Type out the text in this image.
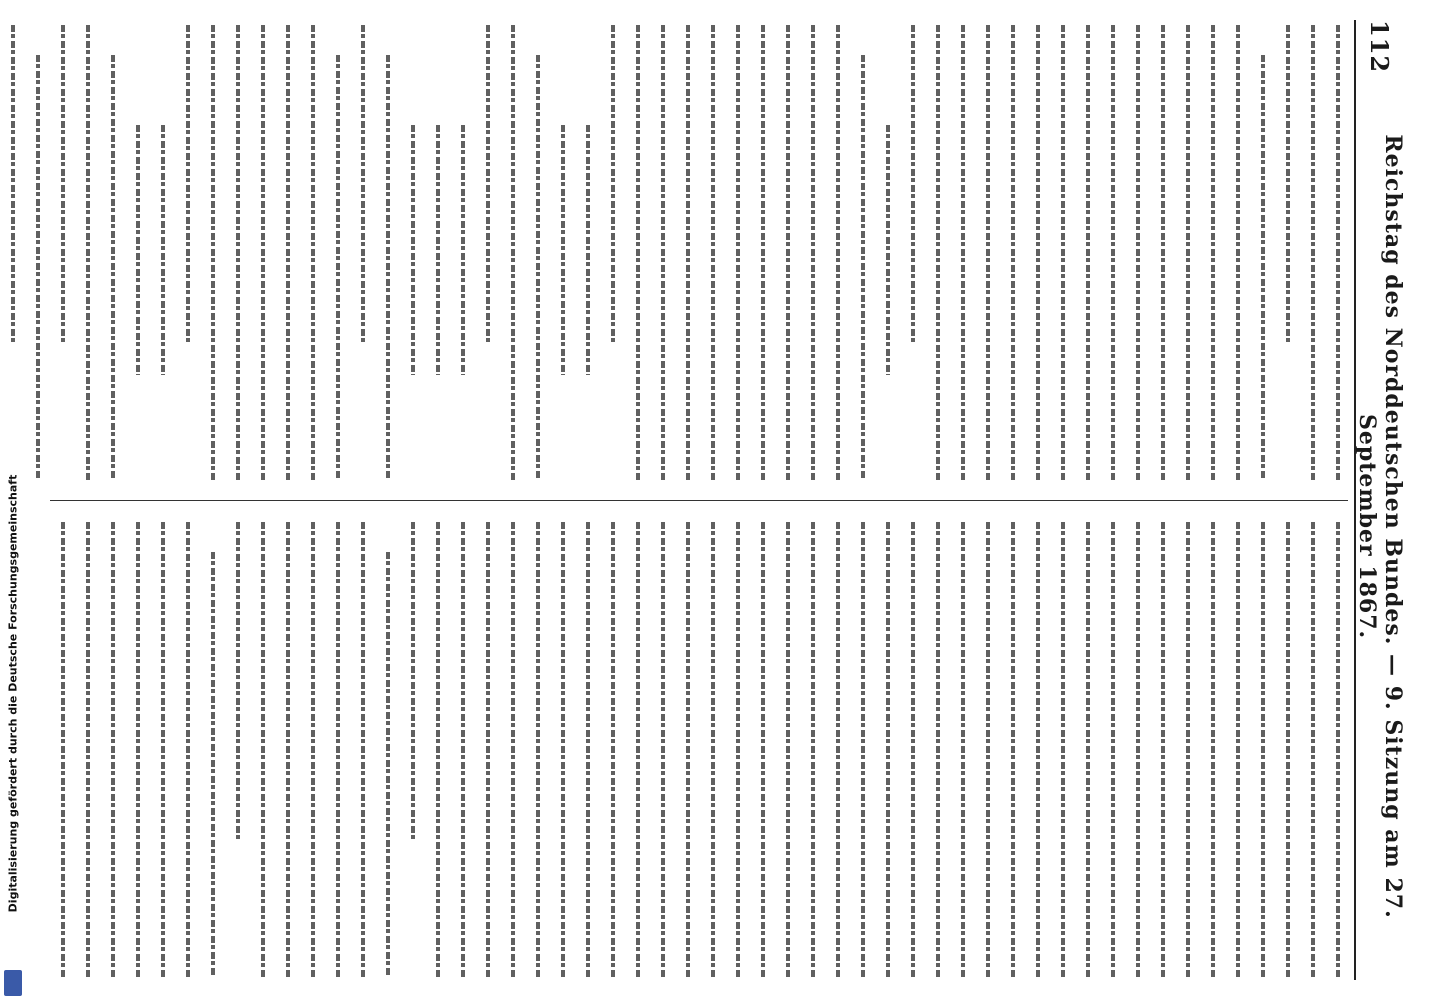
112
Reichstag des Norddeutschen Bundes. — 9. Sitzung am 27. September 1867.
Digitalisierung gefördert durch die Deutsche Forschungsgemeinschaft
